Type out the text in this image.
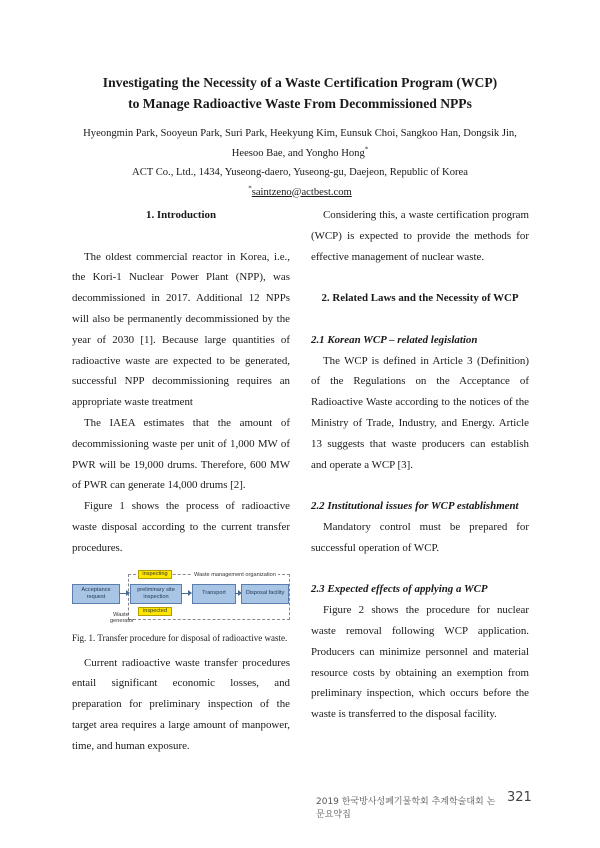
Investigating the Necessity of a Waste Certification Program (WCP)
to Manage Radioactive Waste From Decommissioned NPPs
Hyeongmin Park, Sooyeun Park, Suri Park, Heekyung Kim, Eunsuk Choi, Sangkoo Han, Dongsik Jin,
Heesoo Bae, and Yongho Hong*
ACT Co., Ltd., 1434, Yuseong-daero, Yuseong-gu, Daejeon, Republic of Korea
*saintzeno@actbest.com

1. Introduction

The oldest commercial reactor in Korea, i.e., the Kori-1 Nuclear Power Plant (NPP), was decommissioned in 2017. Additional 12 NPPs will also be permanently decommissioned by the year of 2030 [1]. Because large quantities of radioactive waste are expected to be generated, successful NPP decommissioning requires an appropriate waste treatment

The IAEA estimates that the amount of decommissioning waste per unit of 1,000 MW of PWR will be 19,000 drums. Therefore, 600 MW of PWR can generate 14,000 drums [2].

Figure 1 shows the process of radioactive waste disposal according to the current transfer procedures.

Waste management organization
inspecting
Acceptance request
preliminary site inspection
Transport	Disposal facility
inspected
Waste generator

Fig. 1. Transfer procedure for disposal of radioactive waste.

Current radioactive waste transfer procedures entail significant economic losses, and preparation for preliminary inspection of the target area requires a large amount of manpower, time, and human exposure.

Considering this, a waste certification program (WCP) is expected to provide the methods for effective management of nuclear waste.

2. Related Laws and the Necessity of WCP

2.1 Korean WCP – related legislation

The WCP is defined in Article 3 (Definition) of the Regulations on the Acceptance of Radioactive Waste according to the notices of the Ministry of Trade, Industry, and Energy. Article 13 suggests that waste producers can establish and operate a WCP [3].

2.2 Institutional issues for WCP establishment

Mandatory control must be prepared for successful operation of WCP.

2.3 Expected effects of applying a WCP

Figure 2 shows the procedure for nuclear waste removal following WCP application. Producers can minimize personnel and material resource costs by obtaining an exemption from preliminary inspection, which occurs before the waste is transferred to the disposal facility.

2019 한국방사성폐기물학회 추계학술대회 논문요약집
321
